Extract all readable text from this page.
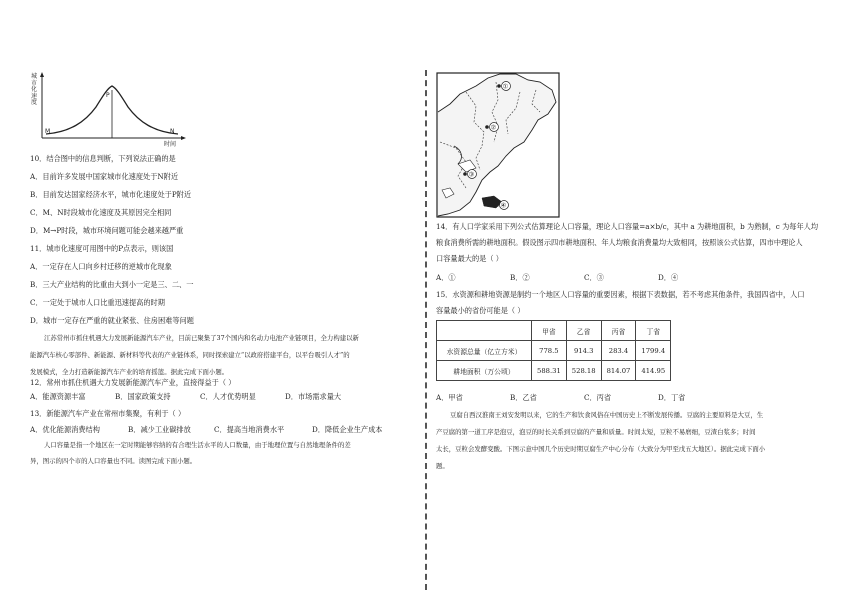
P
M	N
时间
城市化速度
10．结合图中的信息判断，下列说法正确的是
A．目前许多发展中国家城市化速度处于N附近
B．目前发达国家经济水平，城市化速度处于P附近
C．M、N时段城市化速度及其原因完全相同
D．M→P时段，城市环境问题可能会越来越严重
11．城市化速度可用图中的P点表示，则该国
A．一定存在人口向乡村迁移的逆城市化现象
B．三大产业结构的比重由大到小一定是三、二、一
C．一定处于城市人口比重迅速提高的时期
D．城市一定存在严重的就业紧张、住房困难等问题
江苏常州市抓住机遇大力发展新能源汽车产业，目前已聚集了37个国内和名动力电池产业链项目，全力构建以新
能源汽车核心零部件、新能源、新材料等代表的产业链体系，同时探索建立“以政府搭建平台，以平台吸引人才”的
发展模式，全力打造新能源汽车产业的培育摇篮。据此完成下面小题。
12．常州市抓住机遇大力发展新能源汽车产业，直接得益于（ ）
A．能源资源丰富	B．国家政策支持	C．人才优势明显	D．市场需求量大
13．新能源汽车产业在常州市集聚，有利于（ ）
A．优化能源消费结构	B．减少工业碳排放	C．提高当地消费水平	D．降低企业生产成本
人口容量是指一个地区在一定时期能够容纳的有合理生活水平的人口数量，由于地理位置与自然地理条件的差
异，图示的四个市的人口容量也不同。读图完成下面小题。
①
②
③
④
14．有人口学家采用下列公式估算理论人口容量，理论人口容量=a×b/c，其中 a 为耕地面积，b 为熟制，c 为每年人均
粮食消费所需的耕地面积。假设图示四市耕地面积、年人均粮食消费量均大致相同，按照该公式估算，四市中理论人
口容量最大的是（ ）
A．①	B．②	C．③	D．④
15．水资源和耕地资源是制约一个地区人口容量的重要因素，根据下表数据，若不考虑其他条件，我国四省中，人口
容量最小的省份可能是（ ）
	甲省	乙省	丙省	丁省
水资源总量（亿立方米）	778.5	914.3	283.4	1799.4
耕地面积（万公顷）	588.31	528.18	814.07	414.95
A．甲省	B．乙省	C．丙省	D．丁省
豆腐自西汉淮南王刘安发明以来，它的生产和饮食风俗在中国历史上不断发展传播。豆腐的主要原料是大豆，生
产豆腐的第一道工序是泡豆，泡豆的时长关系到豆腐的产量和质量。时间太短，豆粒不易磨细，豆渣白浆多；时间
太长，豆粒会发酵变酸。下图示意中国几个历史时期豆腐生产中心分布（大致分为甲至戊五大地区）。据此完成下面小
题。
